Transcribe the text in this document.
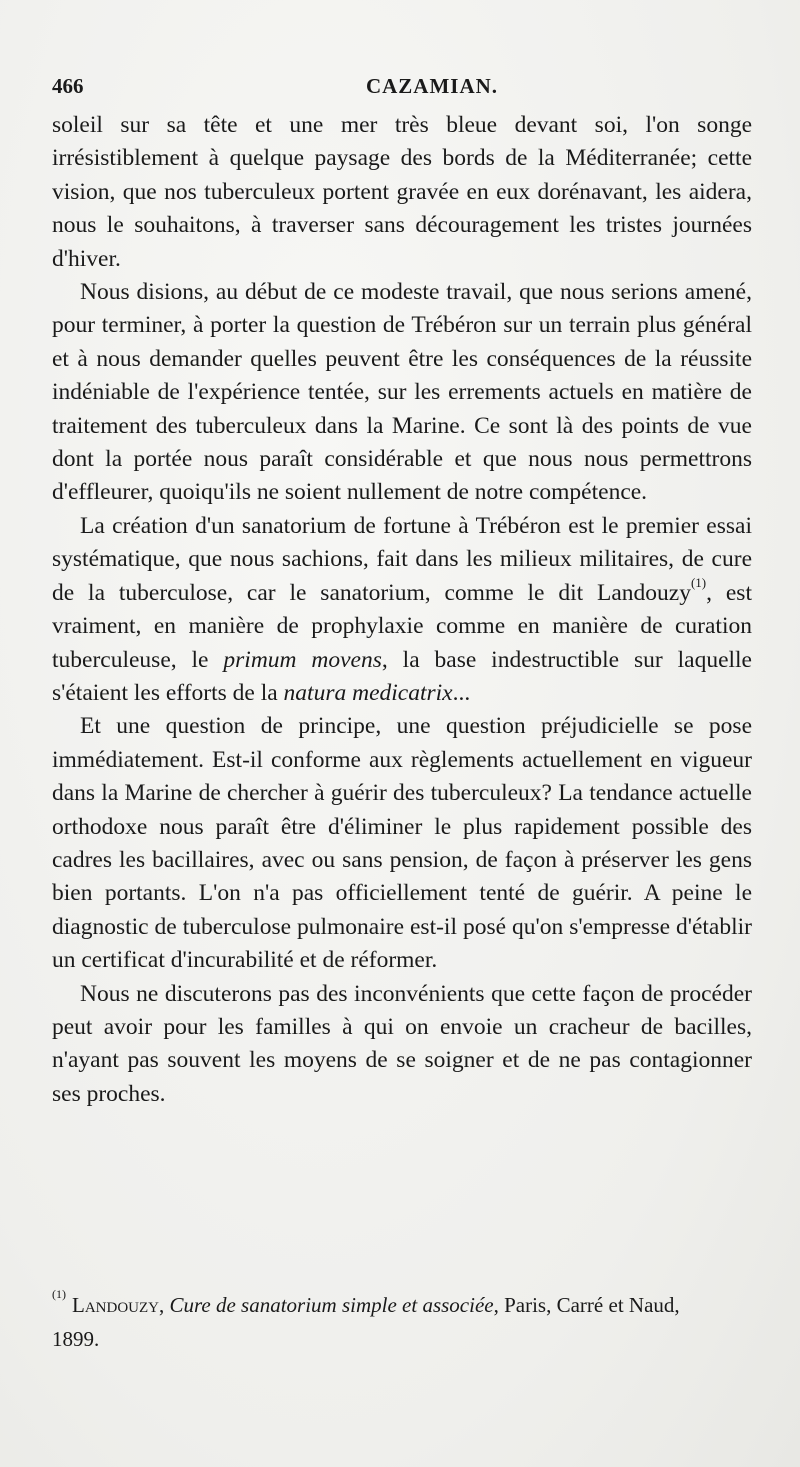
466	CAZAMIAN.

soleil sur sa tête et une mer très bleue devant soi, l'on songe irrésistiblement à quelque paysage des bords de la Méditerranée; cette vision, que nos tuberculeux portent gravée en eux dorénavant, les aidera, nous le souhaitons, à traverser sans découragement les tristes journées d'hiver.

Nous disions, au début de ce modeste travail, que nous serions amené, pour terminer, à porter la question de Trébéron sur un terrain plus général et à nous demander quelles peuvent être les conséquences de la réussite indéniable de l'expérience tentée, sur les errements actuels en matière de traitement des tuberculeux dans la Marine. Ce sont là des points de vue dont la portée nous paraît considérable et que nous nous permettrons d'effleurer, quoiqu'ils ne soient nullement de notre compétence.

La création d'un sanatorium de fortune à Trébéron est le premier essai systématique, que nous sachions, fait dans les milieux militaires, de cure de la tuberculose, car le sanatorium, comme le dit Landouzy$^{(1)}$, est vraiment, en manière de prophylaxie comme en manière de curation tuberculeuse, le primum movens, la base indestructible sur laquelle s'étaient les efforts de la natura medicatrix...

Et une question de principe, une question préjudicielle se pose immédiatement. Est-il conforme aux règlements actuellement en vigueur dans la Marine de chercher à guérir des tuberculeux? La tendance actuelle orthodoxe nous paraît être d'éliminer le plus rapidement possible des cadres les bacillaires, avec ou sans pension, de façon à préserver les gens bien portants. L'on n'a pas officiellement tenté de guérir. A peine le diagnostic de tuberculose pulmonaire est-il posé qu'on s'empresse d'établir un certificat d'incurabilité et de réformer.

Nous ne discuterons pas des inconvénients que cette façon de procéder peut avoir pour les familles à qui on envoie un cracheur de bacilles, n'ayant pas souvent les moyens de se soigner et de ne pas contagionner ses proches.

$^{(1)}$ Landouzy, Cure de sanatorium simple et associée, Paris, Carré et Naud,
1899.
